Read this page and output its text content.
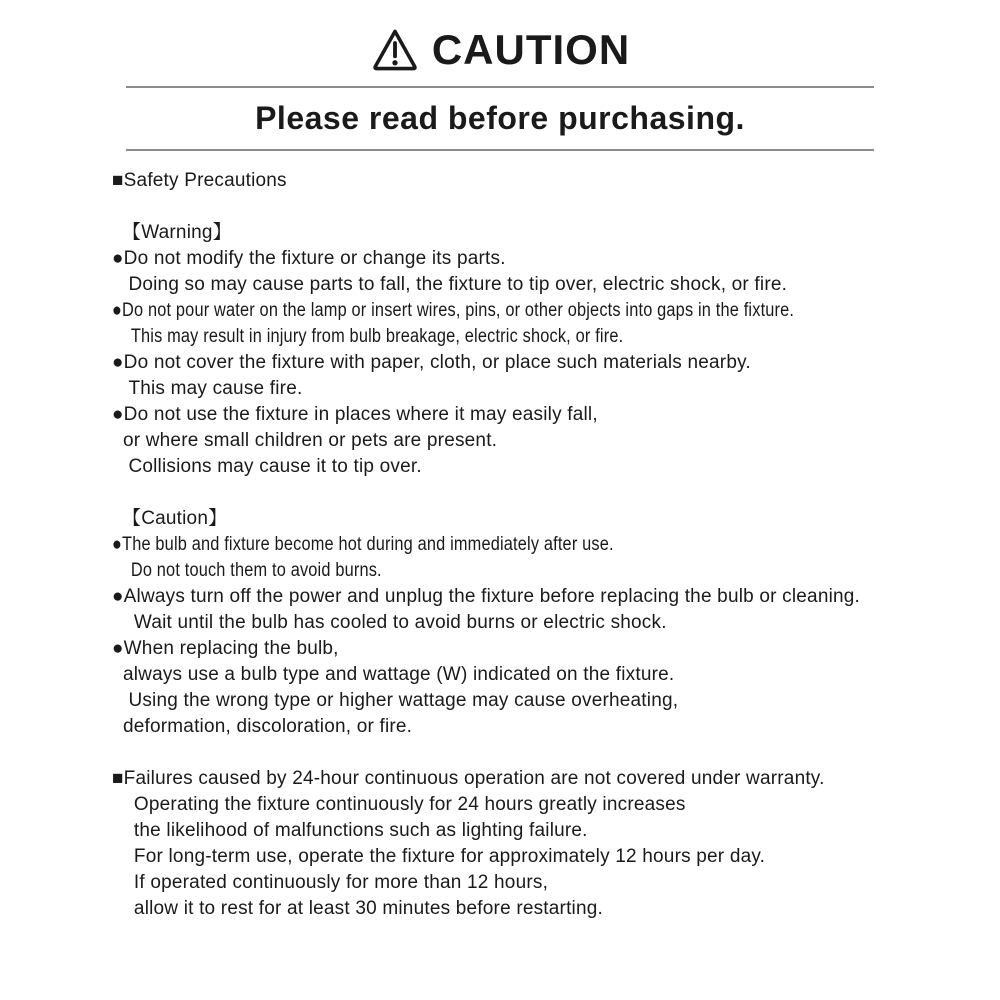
CAUTION
Please read before purchasing.

■Safety Precautions

【Warning】

●Do not modify the fixture or change its parts.

Doing so may cause parts to fall, the fixture to tip over, electric shock, or fire.

●Do not pour water on the lamp or insert wires, pins, or other objects into gaps in the fixture.

This may result in injury from bulb breakage, electric shock, or fire.

●Do not cover the fixture with paper, cloth, or place such materials nearby.

This may cause fire.

●Do not use the fixture in places where it may easily fall,

or where small children or pets are present.

Collisions may cause it to tip over.

【Caution】

●The bulb and fixture become hot during and immediately after use.

Do not touch them to avoid burns.

●Always turn off the power and unplug the fixture before replacing the bulb or cleaning.

Wait until the bulb has cooled to avoid burns or electric shock.

●When replacing the bulb,

always use a bulb type and wattage (W) indicated on the fixture.

Using the wrong type or higher wattage may cause overheating,

deformation, discoloration, or fire.

■Failures caused by 24-hour continuous operation are not covered under warranty.

Operating the fixture continuously for 24 hours greatly increases

the likelihood of malfunctions such as lighting failure.

For long-term use, operate the fixture for approximately 12 hours per day.

If operated continuously for more than 12 hours,

allow it to rest for at least 30 minutes before restarting.
